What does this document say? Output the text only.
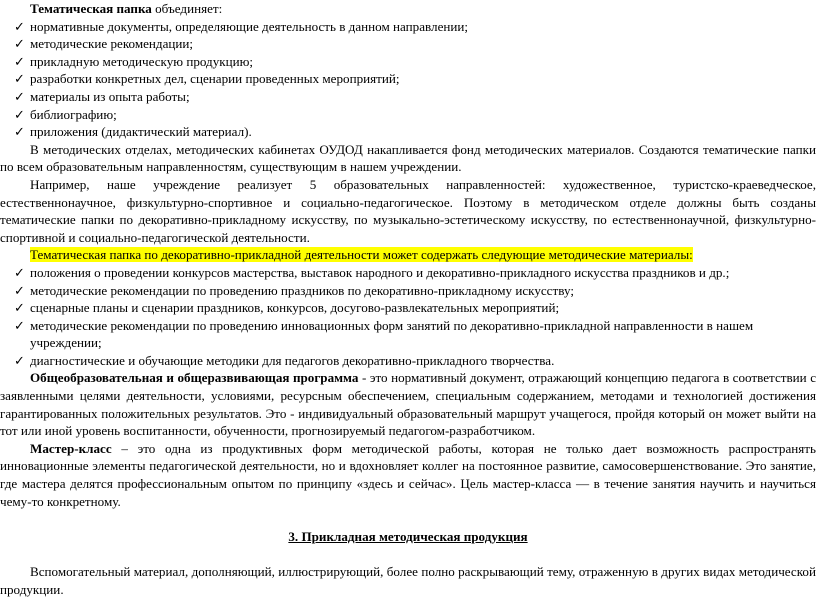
Тематическая папка объединяет:

✓ нормативные документы, определяющие деятельность в данном направлении;
✓ методические рекомендации;
✓ прикладную методическую продукцию;
✓ разработки конкретных дел, сценарии проведенных мероприятий;
✓ материалы из опыта работы;
✓ библиографию;
✓ приложения (дидактический материал).

В методических отделах, методических кабинетах ОУДОД накапливается фонд методических материалов. Создаются тематические папки по всем образовательным направленностям, существующим в нашем учреждении.

Например, наше учреждение реализует 5 образовательных направленностей: художественное, туристско-краеведческое, естественнонаучное, физкультурно-спортивное и социально-педагогическое. Поэтому в методическом отделе должны быть созданы тематические папки по декоративно-прикладному искусству, по музыкально-эстетическому искусству, по естественнонаучной, физкультурно-спортивной и социально-педагогической деятельности.

Тематическая папка по декоративно-прикладной деятельности может содержать следующие методические материалы:

✓ положения о проведении конкурсов мастерства, выставок народного и декоративно-прикладного искусства праздников и др.;
✓ методические рекомендации по проведению праздников по декоративно-прикладному искусству;
✓ сценарные планы и сценарии праздников, конкурсов, досугово-развлекательных мероприятий;
✓ методические рекомендации по проведению инновационных форм занятий по декоративно-прикладной направленности в нашем учреждении;
✓ диагностические и обучающие методики для педагогов декоративно-прикладного творчества.

Общеобразовательная и общеразвивающая программа - это нормативный документ, отражающий концепцию педагога в соответствии с заявленными целями деятельности, условиями, ресурсным обеспечением, специальным содержанием, методами и технологией достижения гарантированных положительных результатов. Это - индивидуальный образовательный маршрут учащегося, пройдя который он может выйти на тот или иной уровень воспитанности, обученности, прогнозируемый педагогом-разработчиком.

Мастер-класс – это одна из продуктивных форм методической работы, которая не только дает возможность распространять инновационные элементы педагогической деятельности, но и вдохновляет коллег на постоянное развитие, самосовершенствование. Это занятие, где мастера делятся профессиональным опытом по принципу «здесь и сейчас». Цель мастер-класса — в течение занятия научить и научиться чему-то конкретному.

3. Прикладная методическая продукция

Вспомогательный материал, дополняющий, иллюстрирующий, более полно раскрывающий тему, отраженную в других видах методической продукции.
